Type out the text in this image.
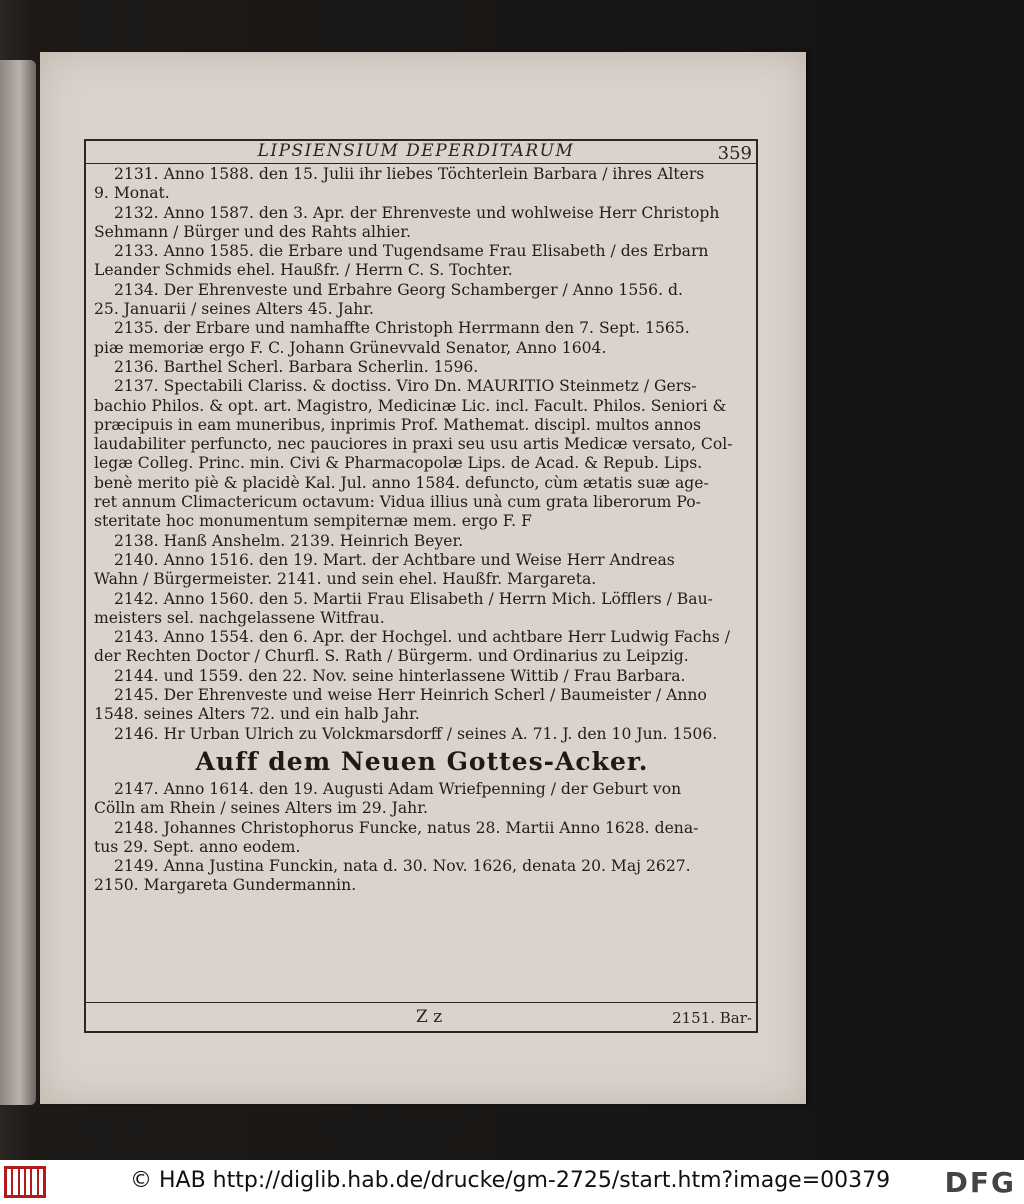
LIPSIENSIUM DEPERDITARUM	359
2131. Anno 1588. den 15. Julii ihr liebes Töchterlein Barbara / ihres Alters
9. Monat.
2132. Anno 1587. den 3. Apr. der Ehrenveste und wohlweise Herr Christoph
Sehmann / Bürger und des Rahts alhier.
2133. Anno 1585. die Erbare und Tugendsame Frau Elisabeth / des Erbarn
Leander Schmids ehel. Haußfr. / Herrn C. S. Tochter.
2134. Der Ehrenveste und Erbahre Georg Schamberger / Anno 1556. d.
25. Januarii / seines Alters 45. Jahr.
2135. der Erbare und namhaffte Christoph Herrmann den 7. Sept. 1565.
piæ memoriæ ergo F. C. Johann Grünevvald Senator, Anno 1604.
2136. Barthel Scherl. Barbara Scherlin. 1596.
2137. Spectabili Clariss. & doctiss. Viro Dn. MAURITIO Steinmetz / Gers-
bachio Philos. & opt. art. Magistro, Medicinæ Lic. incl. Facult. Philos. Seniori &
præcipuis in eam muneribus, inprimis Prof. Mathemat. discipl. multos annos
laudabiliter perfuncto, nec pauciores in praxi seu usu artis Medicæ versato, Col-
legæ Colleg. Princ. min. Civi & Pharmacopolæ Lips. de Acad. & Repub. Lips.
benè merito piè & placidè Kal. Jul. anno 1584. defuncto, cùm ætatis suæ age-
ret annum Climactericum octavum: Vidua illius unà cum grata liberorum Po-
steritate hoc monumentum sempiternæ mem. ergo F. F
2138. Hanß Anshelm. 2139. Heinrich Beyer.
2140. Anno 1516. den 19. Mart. der Achtbare und Weise Herr Andreas
Wahn / Bürgermeister. 2141. und sein ehel. Haußfr. Margareta.
2142. Anno 1560. den 5. Martii Frau Elisabeth / Herrn Mich. Löfflers / Bau-
meisters sel. nachgelassene Witfrau.
2143. Anno 1554. den 6. Apr. der Hochgel. und achtbare Herr Ludwig Fachs /
der Rechten Doctor / Churfl. S. Rath / Bürgerm. und Ordinarius zu Leipzig.
2144. und 1559. den 22. Nov. seine hinterlassene Wittib / Frau Barbara.
2145. Der Ehrenveste und weise Herr Heinrich Scherl / Baumeister / Anno
1548. seines Alters 72. und ein halb Jahr.
2146. Hr Urban Ulrich zu Volckmarsdorff / seines A. 71. J. den 10 Jun. 1506.
Auff dem Neuen Gottes-Acker.
2147. Anno 1614. den 19. Augusti Adam Wriefpenning / der Geburt von
Cölln am Rhein / seines Alters im 29. Jahr.
2148. Johannes Christophorus Funcke, natus 28. Martii Anno 1628. dena-
tus 29. Sept. anno eodem.
2149. Anna Justina Funckin, nata d. 30. Nov. 1626, denata 20. Maj 2627.
2150. Margareta Gundermannin.
Z z	2151. Bar-
© HAB http://diglib.hab.de/drucke/gm-2725/start.htm?image=00379 DFG
